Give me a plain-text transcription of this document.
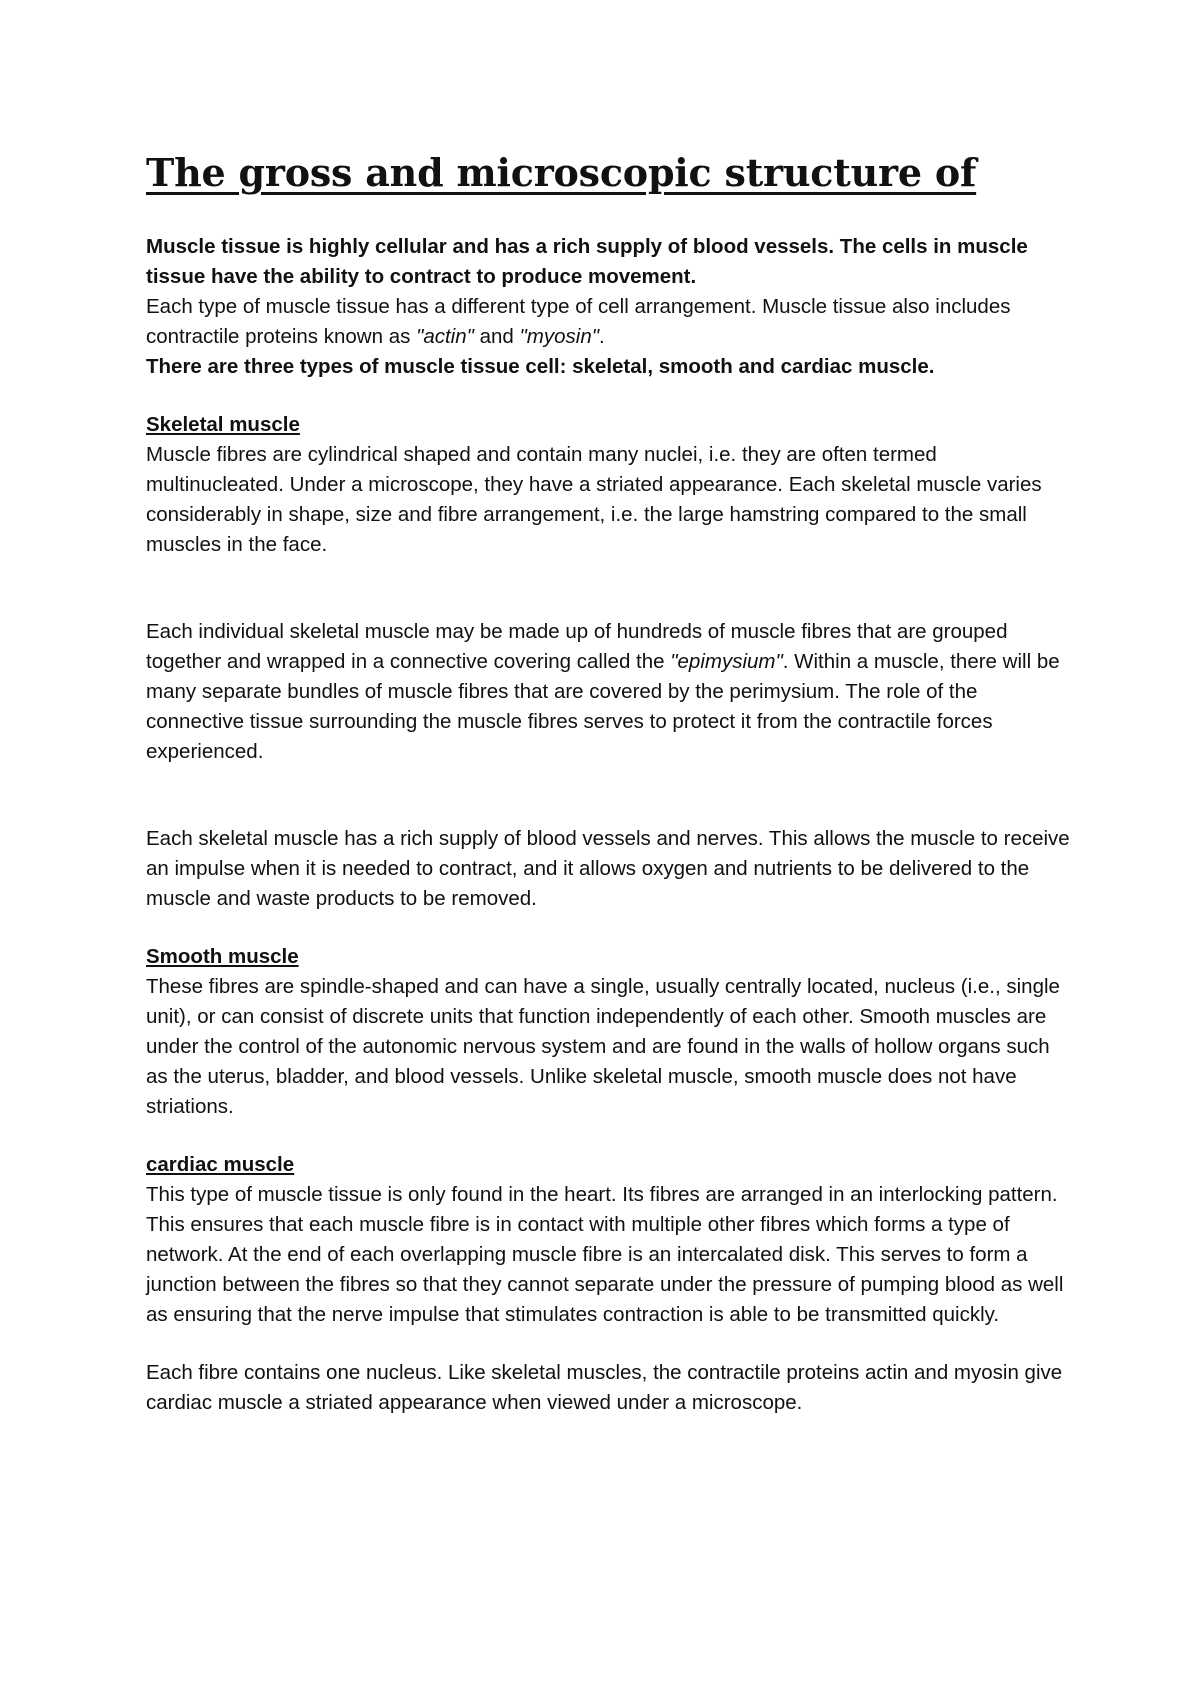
The gross and microscopic structure of

Muscle tissue is highly cellular and has a rich supply of blood vessels. The cells in muscle tissue have the ability to contract to produce movement.

Each type of muscle tissue has a different type of cell arrangement. Muscle tissue also includes contractile proteins known as "actin" and "myosin".

There are three types of muscle tissue cell: skeletal, smooth and cardiac muscle.

Skeletal muscle

Muscle fibres are cylindrical shaped and contain many nuclei, i.e. they are often termed multinucleated. Under a microscope, they have a striated appearance. Each skeletal muscle varies considerably in shape, size and fibre arrangement, i.e. the large hamstring compared to the small muscles in the face.

Each individual skeletal muscle may be made up of hundreds of muscle fibres that are grouped together and wrapped in a connective covering called the "epimysium". Within a muscle, there will be many separate bundles of muscle fibres that are covered by the perimysium. The role of the connective tissue surrounding the muscle fibres serves to protect it from the contractile forces experienced.

Each skeletal muscle has a rich supply of blood vessels and nerves. This allows the muscle to receive an impulse when it is needed to contract, and it allows oxygen and nutrients to be delivered to the muscle and waste products to be removed.

Smooth muscle

These fibres are spindle-shaped and can have a single, usually centrally located, nucleus (i.e., single unit), or can consist of discrete units that function independently of each other. Smooth muscles are under the control of the autonomic nervous system and are found in the walls of hollow organs such as the uterus, bladder, and blood vessels. Unlike skeletal muscle, smooth muscle does not have striations.

cardiac muscle

This type of muscle tissue is only found in the heart. Its fibres are arranged in an interlocking pattern. This ensures that each muscle fibre is in contact with multiple other fibres which forms a type of network. At the end of each overlapping muscle fibre is an intercalated disk. This serves to form a junction between the fibres so that they cannot separate under the pressure of pumping blood as well as ensuring that the nerve impulse that stimulates contraction is able to be transmitted quickly.

Each fibre contains one nucleus. Like skeletal muscles, the contractile proteins actin and myosin give cardiac muscle a striated appearance when viewed under a microscope.
